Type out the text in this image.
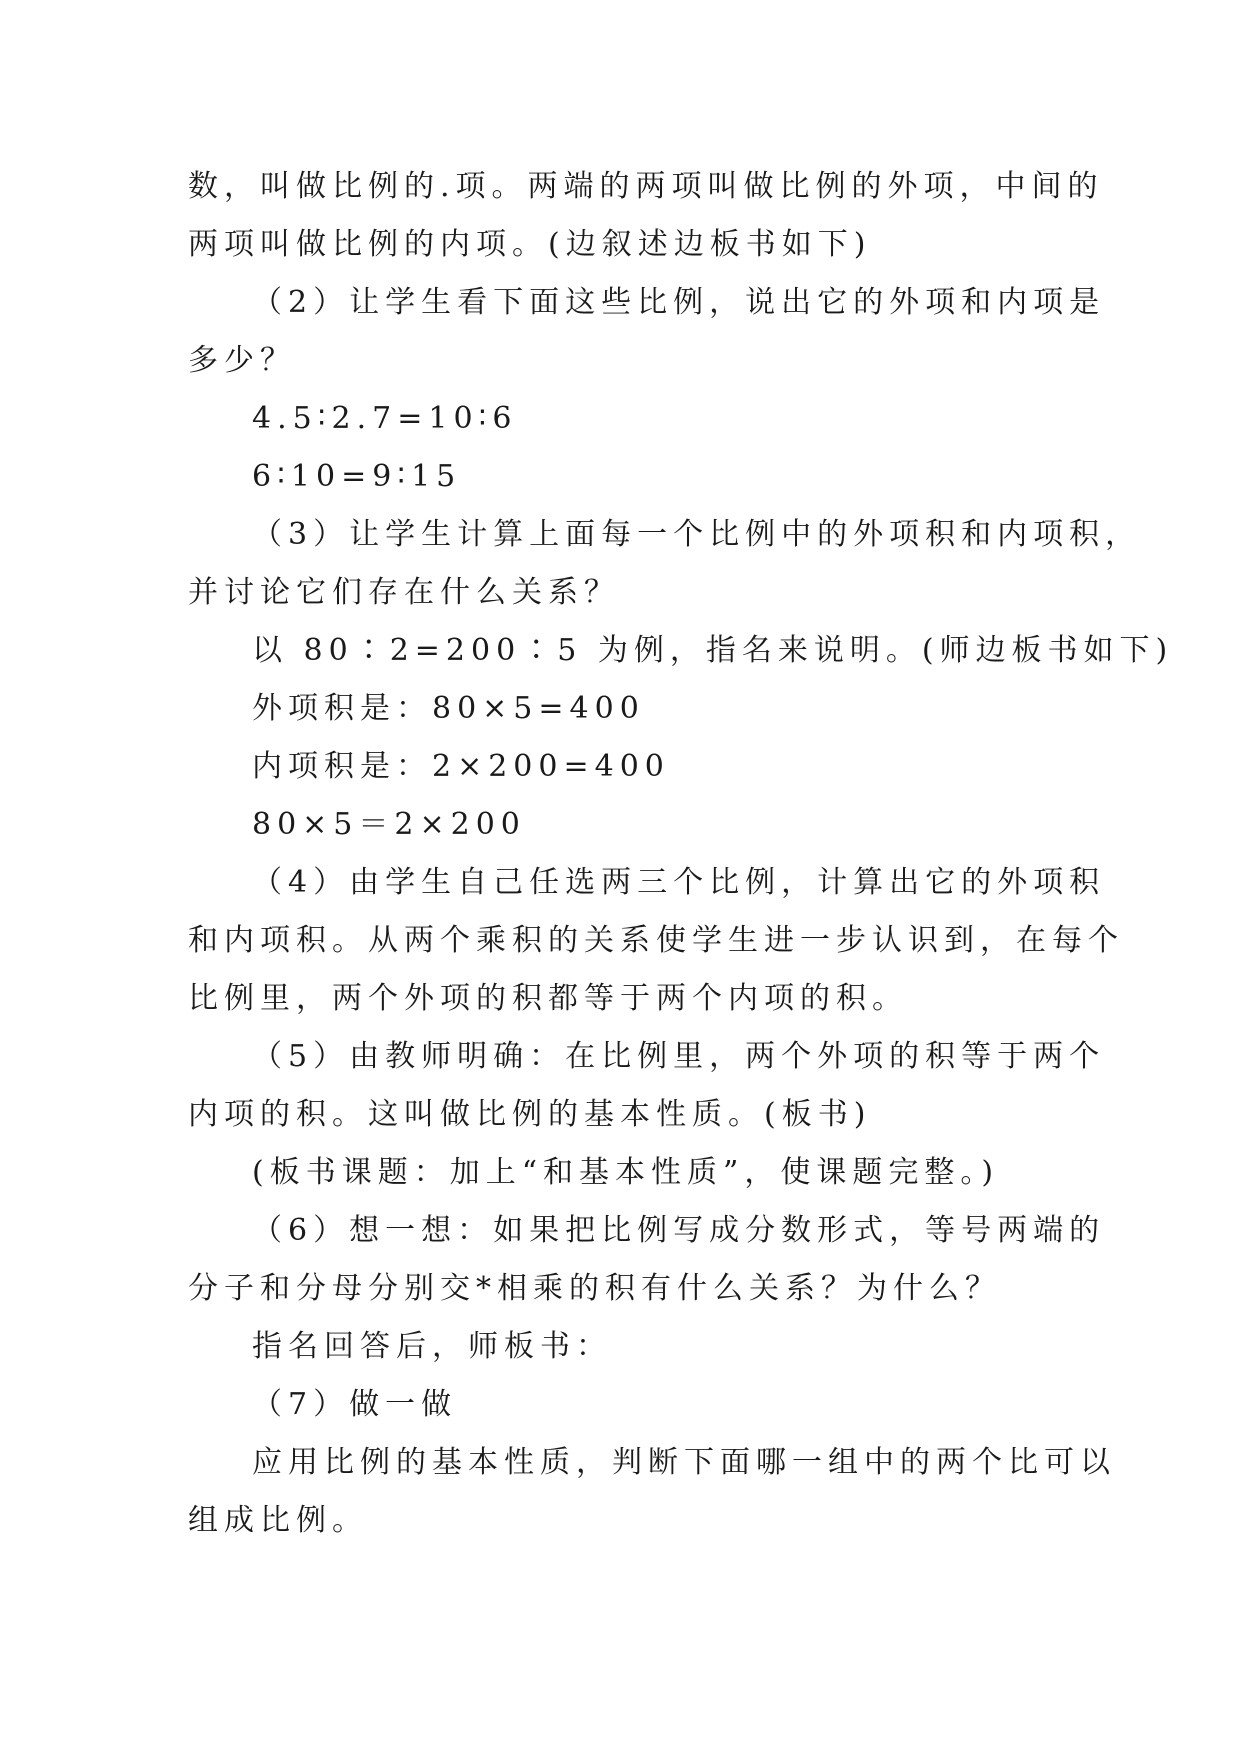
数，叫做比例的.项。两端的两项叫做比例的外项，中间的
两项叫做比例的内项。(边叙述边板书如下)
（2）让学生看下面这些比例，说出它的外项和内项是
多少？
4.5∶2.7=10∶6
6∶10=9∶15
（3）让学生计算上面每一个比例中的外项积和内项积，
并讨论它们存在什么关系？
以 80∶2=200∶5 为例，指名来说明。(师边板书如下)
外项积是：80×5=400
内项积是：2×200=400
80×5＝2×200
（4）由学生自己任选两三个比例，计算出它的外项积
和内项积。从两个乘积的关系使学生进一步认识到，在每个
比例里，两个外项的积都等于两个内项的积。
（5）由教师明确：在比例里，两个外项的积等于两个
内项的积。这叫做比例的基本性质。(板书)
(板书课题：加上“和基本性质”，使课题完整。)
（6）想一想：如果把比例写成分数形式，等号两端的
分子和分母分别交*相乘的积有什么关系？为什么？
指名回答后，师板书：
（7）做一做
应用比例的基本性质，判断下面哪一组中的两个比可以
组成比例。
